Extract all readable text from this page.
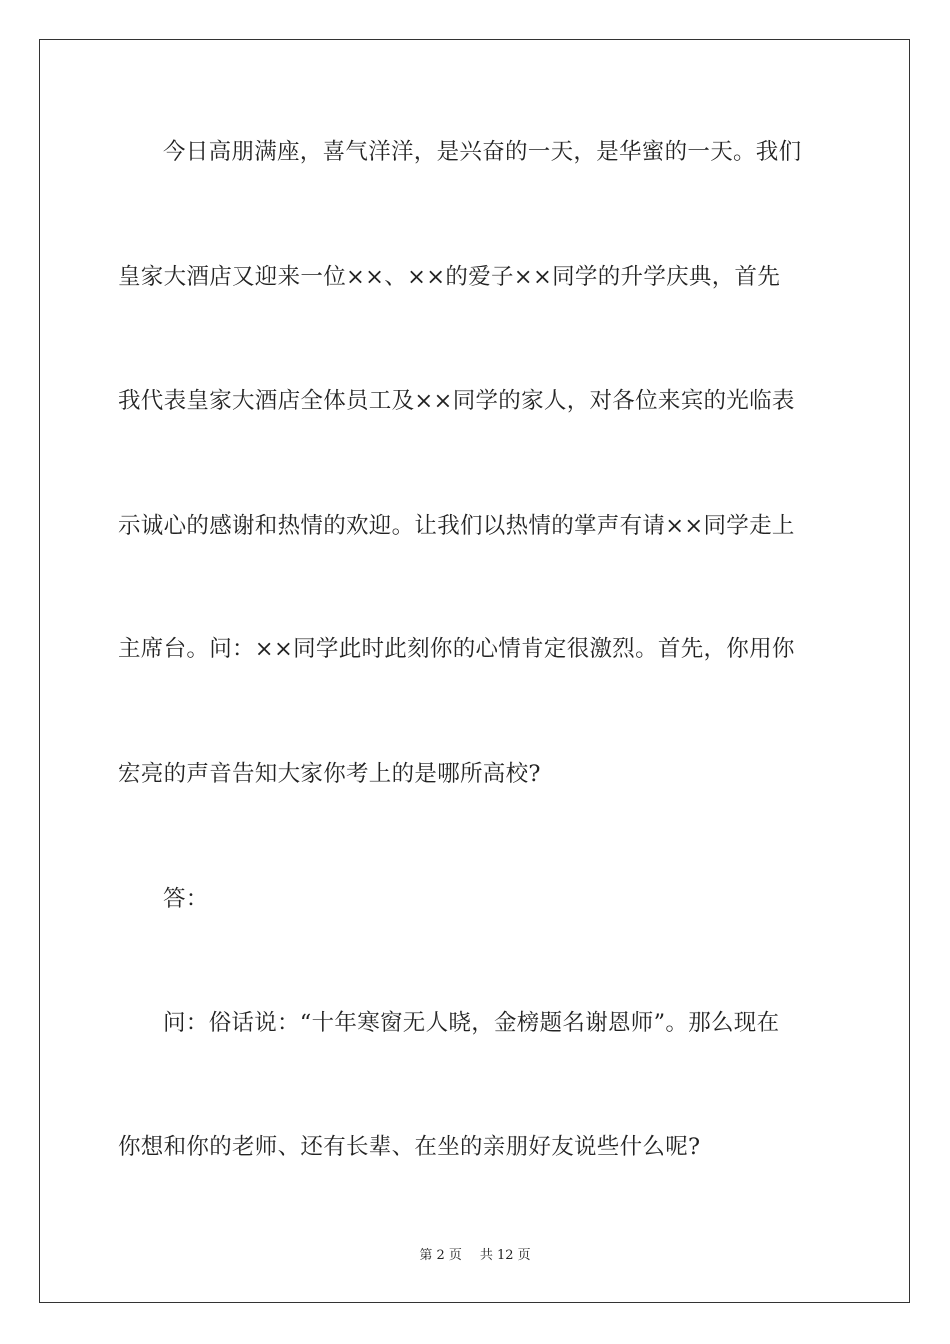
今日高朋满座，喜气洋洋，是兴奋的一天，是华蜜的一天。我们
皇家大酒店又迎来一位××、××的爱子××同学的升学庆典，首先
我代表皇家大酒店全体员工及××同学的家人，对各位来宾的光临表
示诚心的感谢和热情的欢迎。让我们以热情的掌声有请××同学走上
主席台。问：××同学此时此刻你的心情肯定很激烈。首先，你用你
宏亮的声音告知大家你考上的是哪所高校?
答：
问：俗话说：“十年寒窗无人晓，金榜题名谢恩师”。那么现在
你想和你的老师、还有长辈、在坐的亲朋好友说些什么呢?
第 2 页 共 12 页
